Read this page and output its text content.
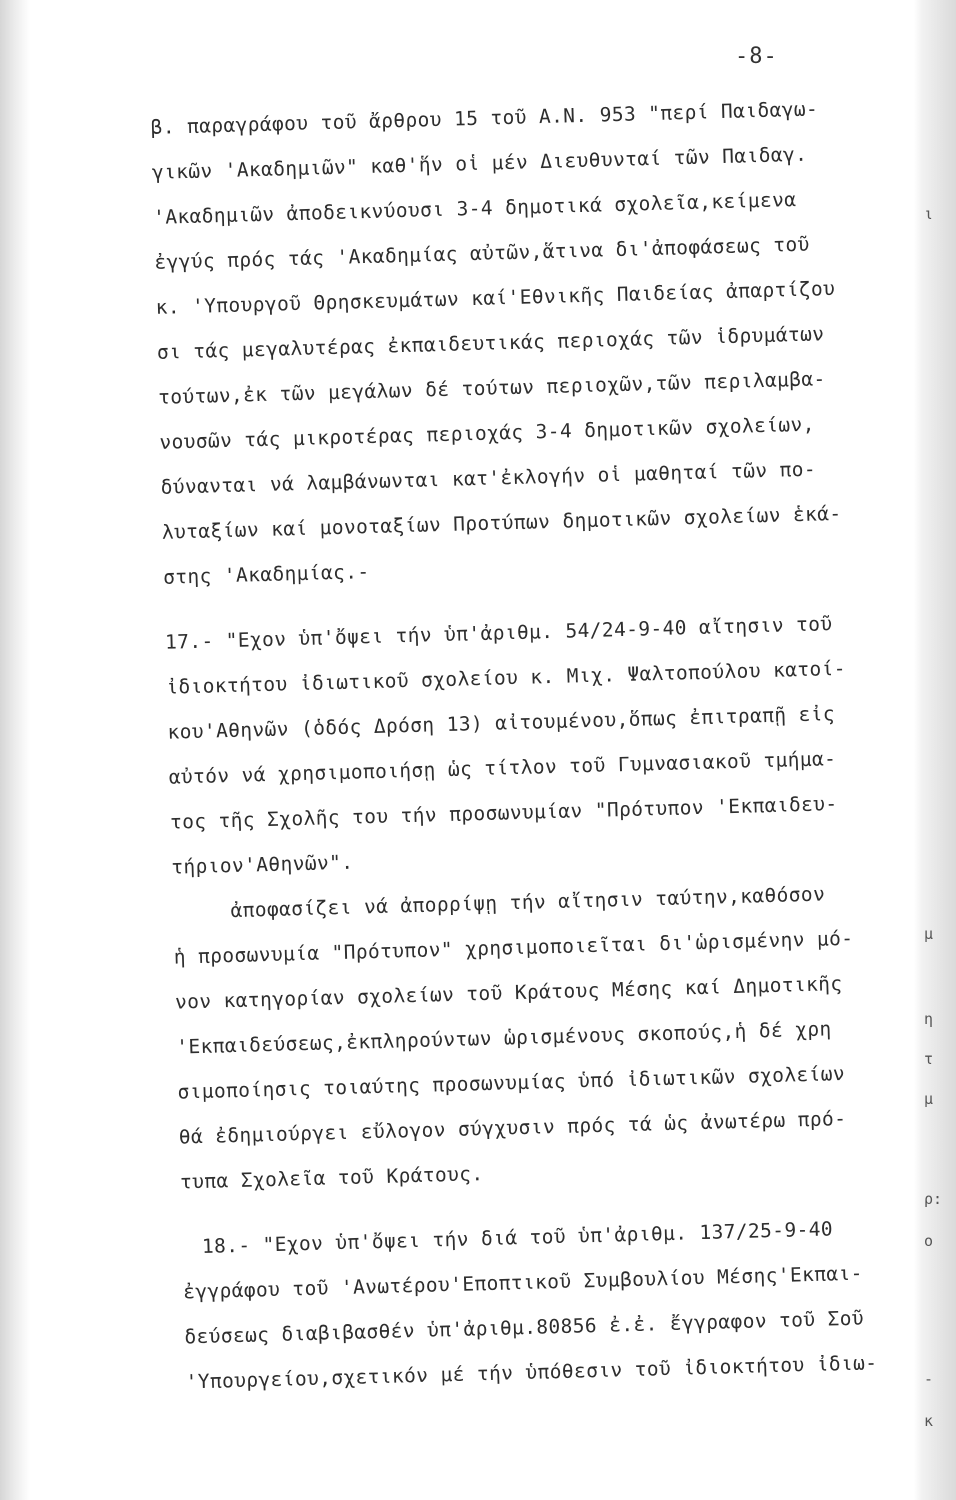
-8-
β. παραγράφου τοῦ ἄρθρου 15 τοῦ Α.Ν. 953 "περί Παιδαγω-
γικῶν 'Ακαδημιῶν" καθ'ἥν οἱ μέν Διευθυνταί τῶν Παιδαγ.
'Ακαδημιῶν ἀποδεικνύουσι 3-4 δημοτικά σχολεῖα,κείμενα
ἐγγύς πρός τάς 'Ακαδημίας αὐτῶν,ἅτινα δι'ἀποφάσεως τοῦ
κ. 'Υπουργοῦ Θρησκευμάτων καί'Εθνικῆς Παιδείας ἀπαρτίζου
σι τάς μεγαλυτέρας ἐκπαιδευτικάς περιοχάς τῶν ἱδρυμάτων
τούτων,ἐκ τῶν μεγάλων δέ τούτων περιοχῶν,τῶν περιλαμβα-
νουσῶν τάς μικροτέρας περιοχάς 3-4 δημοτικῶν σχολείων,
δύνανται νά λαμβάνωνται κατ'ἐκλογήν οἱ μαθηταί τῶν πο-
λυταξίων καί μονοταξίων Προτύπων δημοτικῶν σχολείων ἑκά-
στης 'Ακαδημίας.-
17.- "Εχον ὑπ'ὄψει τήν ὑπ'ἀριθμ. 54/24-9-40 αἴτησιν τοῦ
ἰδιοκτήτου ἰδιωτικοῦ σχολείου κ. Μιχ. Ψαλτοπούλου κατοί-
κου'Αθηνῶν (ὁδός Δρόση 13) αἰτουμένου,ὅπως ἐπιτραπῇ εἰς
αὐτόν νά χρησιμοποιήσῃ ὡς τίτλον τοῦ Γυμνασιακοῦ τμήμα-
τος τῆς Σχολῆς του τήν προσωνυμίαν "Πρότυπον 'Εκπαιδευ-
τήριον'Αθηνῶν".
ἀποφασίζει νά ἀπορρίψῃ τήν αἴτησιν ταύτην,καθόσον
ἡ προσωνυμία "Πρότυπον" χρησιμοποιεῖται δι'ὡρισμένην μό-
νον κατηγορίαν σχολείων τοῦ Κράτους Μέσης καί Δημοτικῆς
'Εκπαιδεύσεως,ἐκπληρούντων ὡρισμένους σκοπούς,ἡ δέ χρη
σιμοποίησις τοιαύτης προσωνυμίας ὑπό ἰδιωτικῶν σχολείων
θά ἐδημιούργει εὔλογον σύγχυσιν πρός τά ὡς ἀνωτέρω πρό-
τυπα Σχολεῖα τοῦ Κράτους.
18.- "Εχον ὑπ'ὄψει τήν διά τοῦ ὑπ'ἀριθμ. 137/25-9-40
ἐγγράφου τοῦ 'Ανωτέρου'Εποπτικοῦ Συμβουλίου Μέσης'Εκπαι-
δεύσεως διαβιβασθέν ὑπ'ἀριθμ.80856 ἐ.ἐ. ἔγγραφον τοῦ Σοῦ
'Υπουργείου,σχετικόν μέ τήν ὑπόθεσιν τοῦ ἰδιοκτήτου ἰδιω-
ι
μ
η
τ
μ
ρ:
ο
-
κ
